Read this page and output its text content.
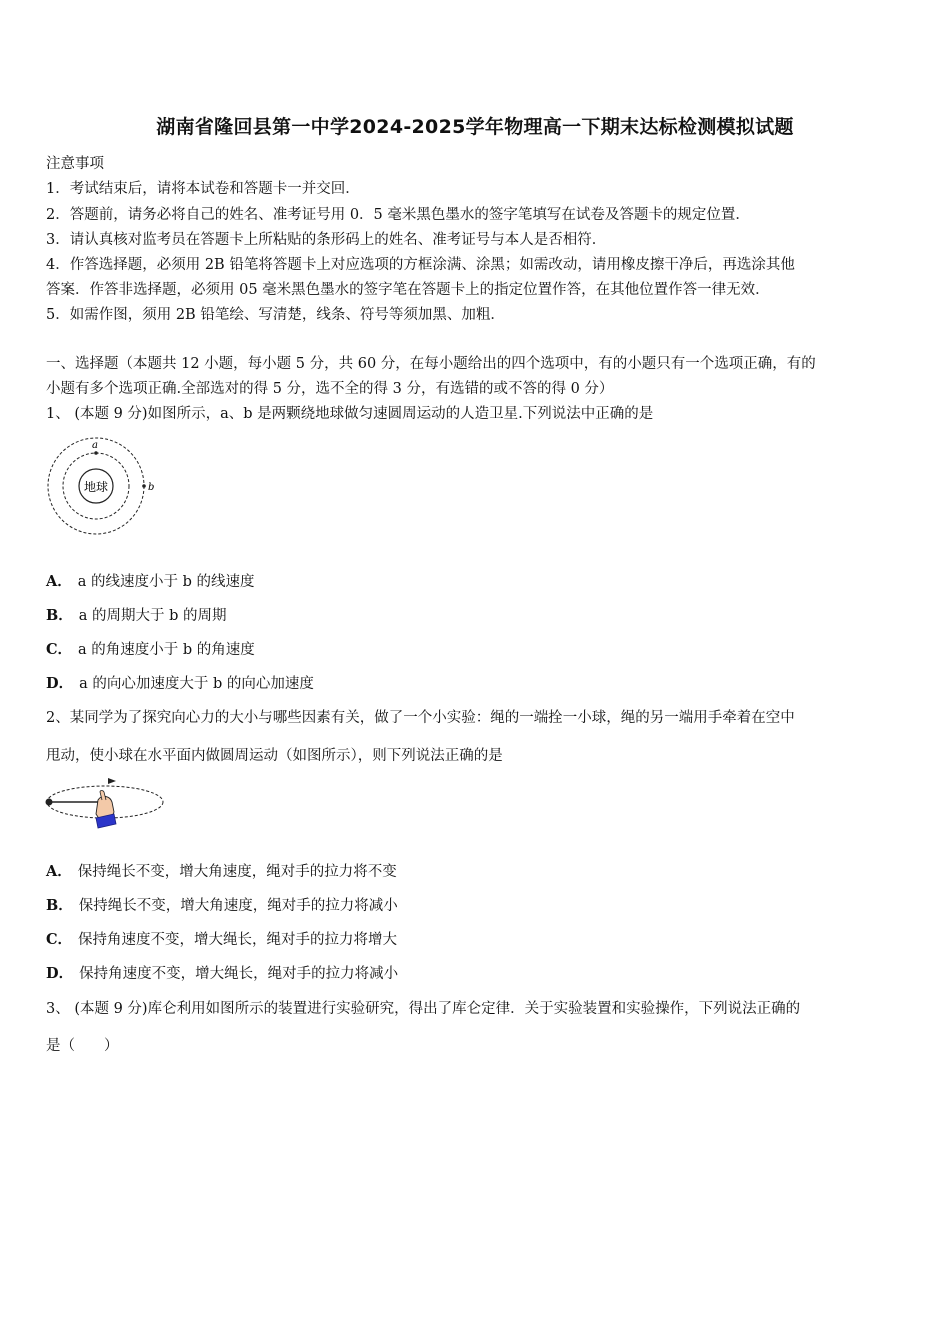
湖南省隆回县第一中学2024-2025学年物理高一下期末达标检测模拟试题
注意事项
1．考试结束后，请将本试卷和答题卡一并交回．
2．答题前，请务必将自己的姓名、准考证号用 0．5 毫米黑色墨水的签字笔填写在试卷及答题卡的规定位置．
3．请认真核对监考员在答题卡上所粘贴的条形码上的姓名、准考证号与本人是否相符．
4．作答选择题，必须用 2B 铅笔将答题卡上对应选项的方框涂满、涂黑；如需改动，请用橡皮擦干净后，再选涂其他
答案．作答非选择题，必须用 05 毫米黑色墨水的签字笔在答题卡上的指定位置作答，在其他位置作答一律无效．
5．如需作图，须用 2B 铅笔绘、写清楚，线条、符号等须加黑、加粗．
一、选择题（本题共 12 小题，每小题 5 分，共 60 分，在每小题给出的四个选项中，有的小题只有一个选项正确，有的
小题有多个选项正确.全部选对的得 5 分，选不全的得 3 分，有选错的或不答的得 0 分）
1、 (本题 9 分)如图所示，a、b 是两颗绕地球做匀速圆周运动的人造卫星.下列说法中正确的是
地球
a
b
A． a 的线速度小于 b 的线速度
B． a 的周期大于 b 的周期
C． a 的角速度小于 b 的角速度
D． a 的向心加速度大于 b 的向心加速度
2、某同学为了探究向心力的大小与哪些因素有关，做了一个小实验：绳的一端拴一小球，绳的另一端用手牵着在空中
甩动，使小球在水平面内做圆周运动（如图所示），则下列说法正确的是
A． 保持绳长不变，增大角速度，绳对手的拉力将不变
B． 保持绳长不变，增大角速度，绳对手的拉力将减小
C． 保持角速度不变，增大绳长，绳对手的拉力将增大
D． 保持角速度不变，增大绳长，绳对手的拉力将减小
3、 (本题 9 分)库仑利用如图所示的装置进行实验研究，得出了库仑定律．关于实验装置和实验操作，下列说法正确的
是（　　）
